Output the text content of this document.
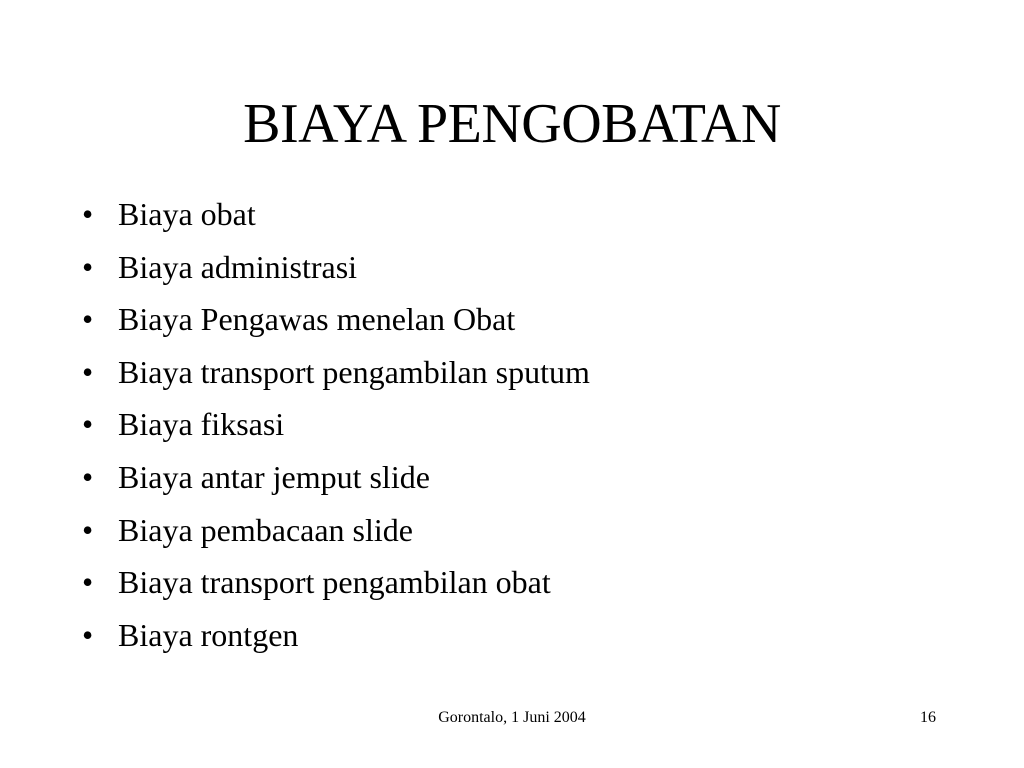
BIAYA PENGOBATAN
• Biaya obat
• Biaya administrasi
• Biaya Pengawas menelan Obat
• Biaya transport pengambilan sputum
• Biaya fiksasi
• Biaya antar jemput slide
• Biaya pembacaan slide
• Biaya transport pengambilan obat
• Biaya rontgen
Gorontalo, 1 Juni 2004	16
